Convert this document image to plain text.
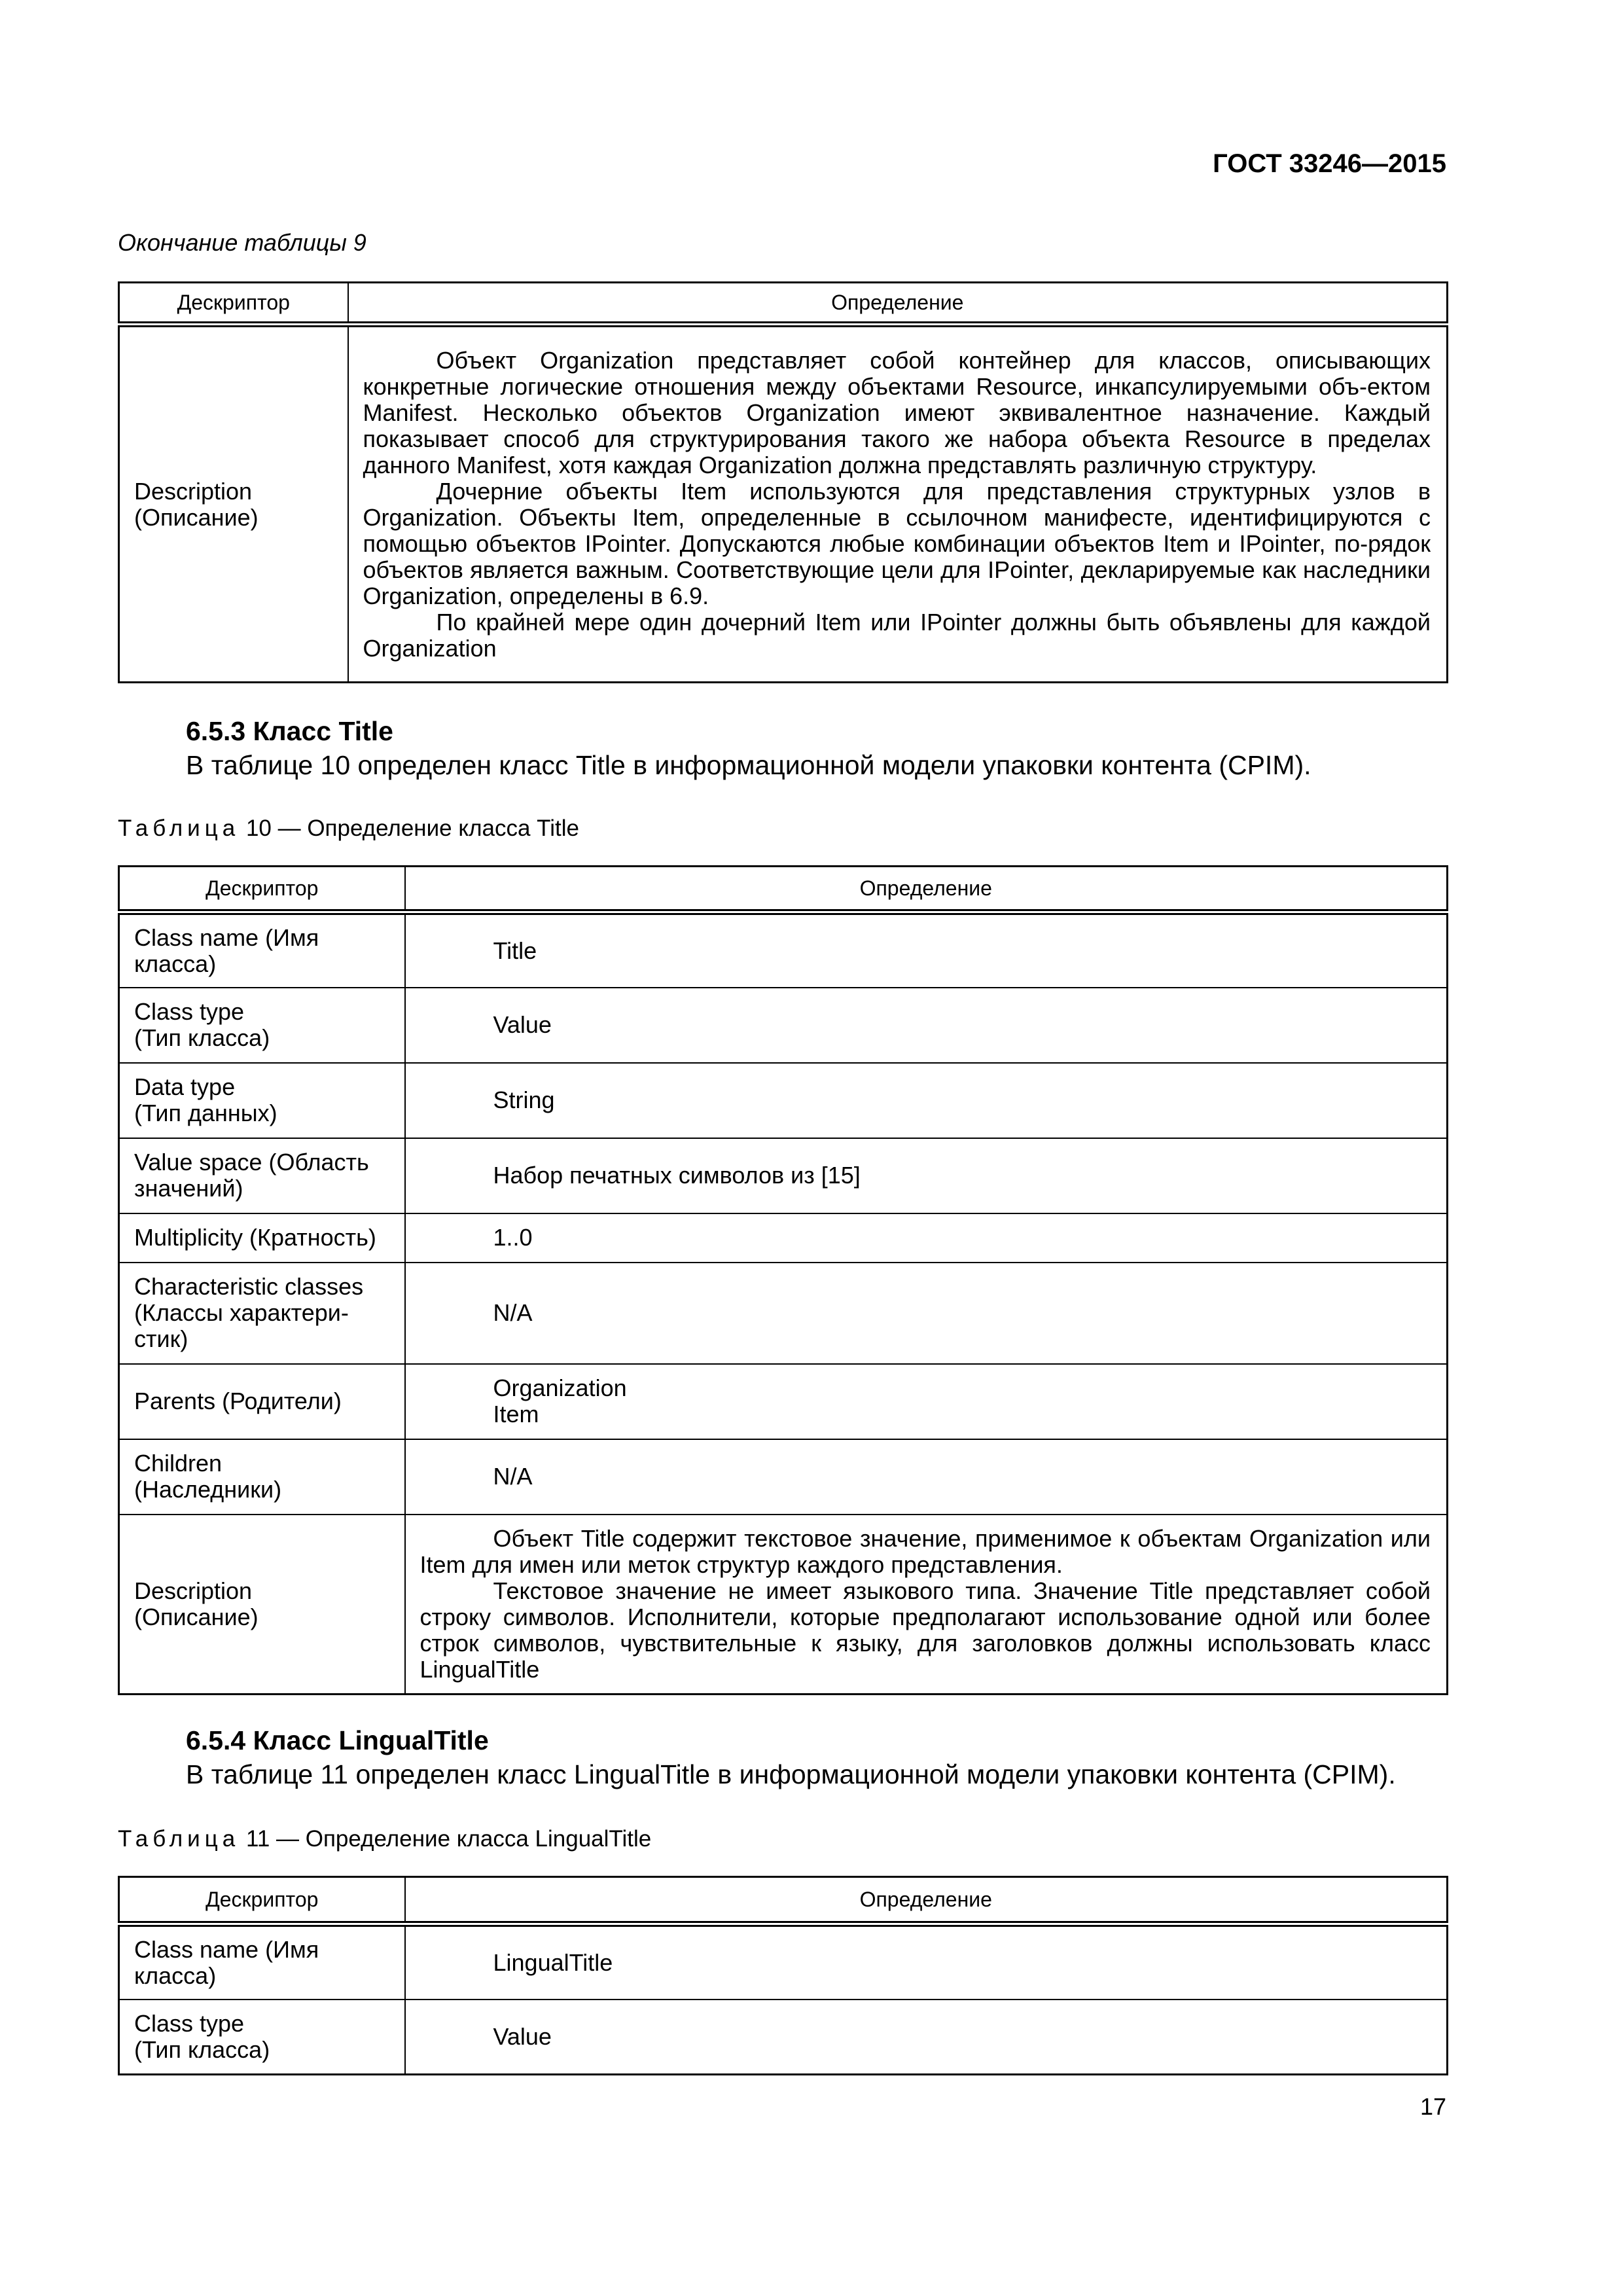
ГОСТ 33246—2015
Окончание таблицы 9
Дескриптор	Определение

Description
(Описание)	Объект Organization представляет собой контейнер для классов, описывающих конкретные логические отношения между объектами Resource, инкапсулируемыми объ-ектом Manifest. Несколько объектов Organization имеют эквивалентное назначение. Каждый показывает способ для структурирования такого же набора объекта Resource в пределах данного Manifest, хотя каждая Organization должна представлять различную структуру.
Дочерние объекты Item используются для представления структурных узлов в Organization. Объекты Item, определенные в ссылочном манифесте, идентифицируются с помощью объектов IPointer. Допускаются любые комбинации объектов Item и IPointer, по-рядок объектов является важным. Соответствующие цели для IPointer, декларируемые как наследники Organization, определены в 6.9.
По крайней мере один дочерний Item или IPointer должны быть объявлены для каждой Organization
6.5.3 Класс Title
В таблице 10 определен класс Title в информационной модели упаковки контента (CPIM).
Таблица 10 — Определение класса Title
Дескриптор	Определение

Class name (Имя
класса)	Title

Class type
(Тип класса)	Value

Data type
(Тип данных)	String

Value space (Область
значений)	Набор печатных символов из [15]

Multiplicity (Кратность)	1..0

Characteristic classes
(Классы характери-
стик)	N/A

Parents (Родители)	Organization
Item

Children
(Наследники)	N/A

Description
(Описание)	Объект Title содержит текстовое значение, применимое к объектам Organization или Item для имен или меток структур каждого представления.
Текстовое значение не имеет языкового типа. Значение Title представляет собой строку символов. Исполнители, которые предполагают использование одной или более строк символов, чувствительные к языку, для заголовков должны использовать класс LingualTitle
6.5.4 Класс LingualTitle
В таблице 11 определен класс LingualTitle в информационной модели упаковки контента (CPIM).
Таблица 11 — Определение класса LingualTitle
Дескриптор	Определение

Class name (Имя
класса)	LingualTitle

Class type
(Тип класса)	Value
17
